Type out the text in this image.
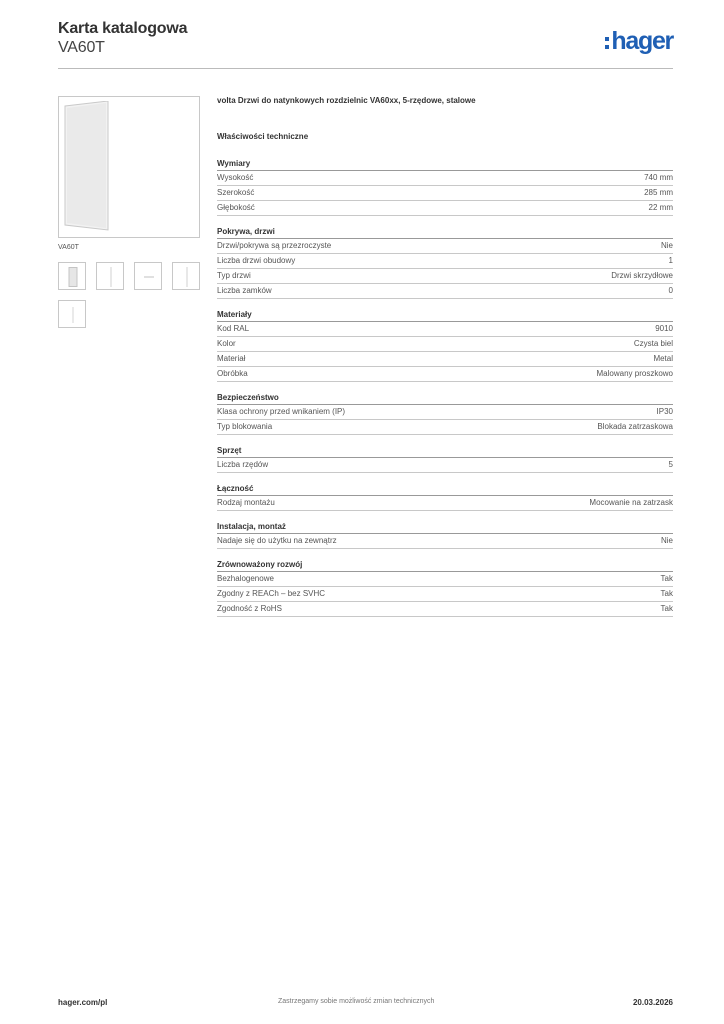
Karta katalogowa
VA60T	hager
VA60T
volta Drzwi do natynkowych rozdzielnic VA60xx, 5-rzędowe, stalowe
Właściwości techniczne
Wymiary
Wysokość	740 mm
Szerokość	285 mm
Głębokość	22 mm
Pokrywa, drzwi
Drzwi/pokrywa są przezroczyste	Nie
Liczba drzwi obudowy	1
Typ drzwi	Drzwi skrzydłowe
Liczba zamków	0
Materiały
Kod RAL	9010
Kolor	Czysta biel
Materiał	Metal
Obróbka	Malowany proszkowo
Bezpieczeństwo
Klasa ochrony przed wnikaniem (IP)	IP30
Typ blokowania	Blokada zatrzaskowa
Sprzęt
Liczba rzędów	5
Łączność
Rodzaj montażu	Mocowanie na zatrzask
Instalacja, montaż
Nadaje się do użytku na zewnątrz	Nie
Zrównoważony rozwój
Bezhalogenowe	Tak
Zgodny z REACh – bez SVHC	Tak
Zgodność z RoHS	Tak
hager.com/pl	Zastrzegamy sobie możliwość zmian technicznych	20.03.2026
